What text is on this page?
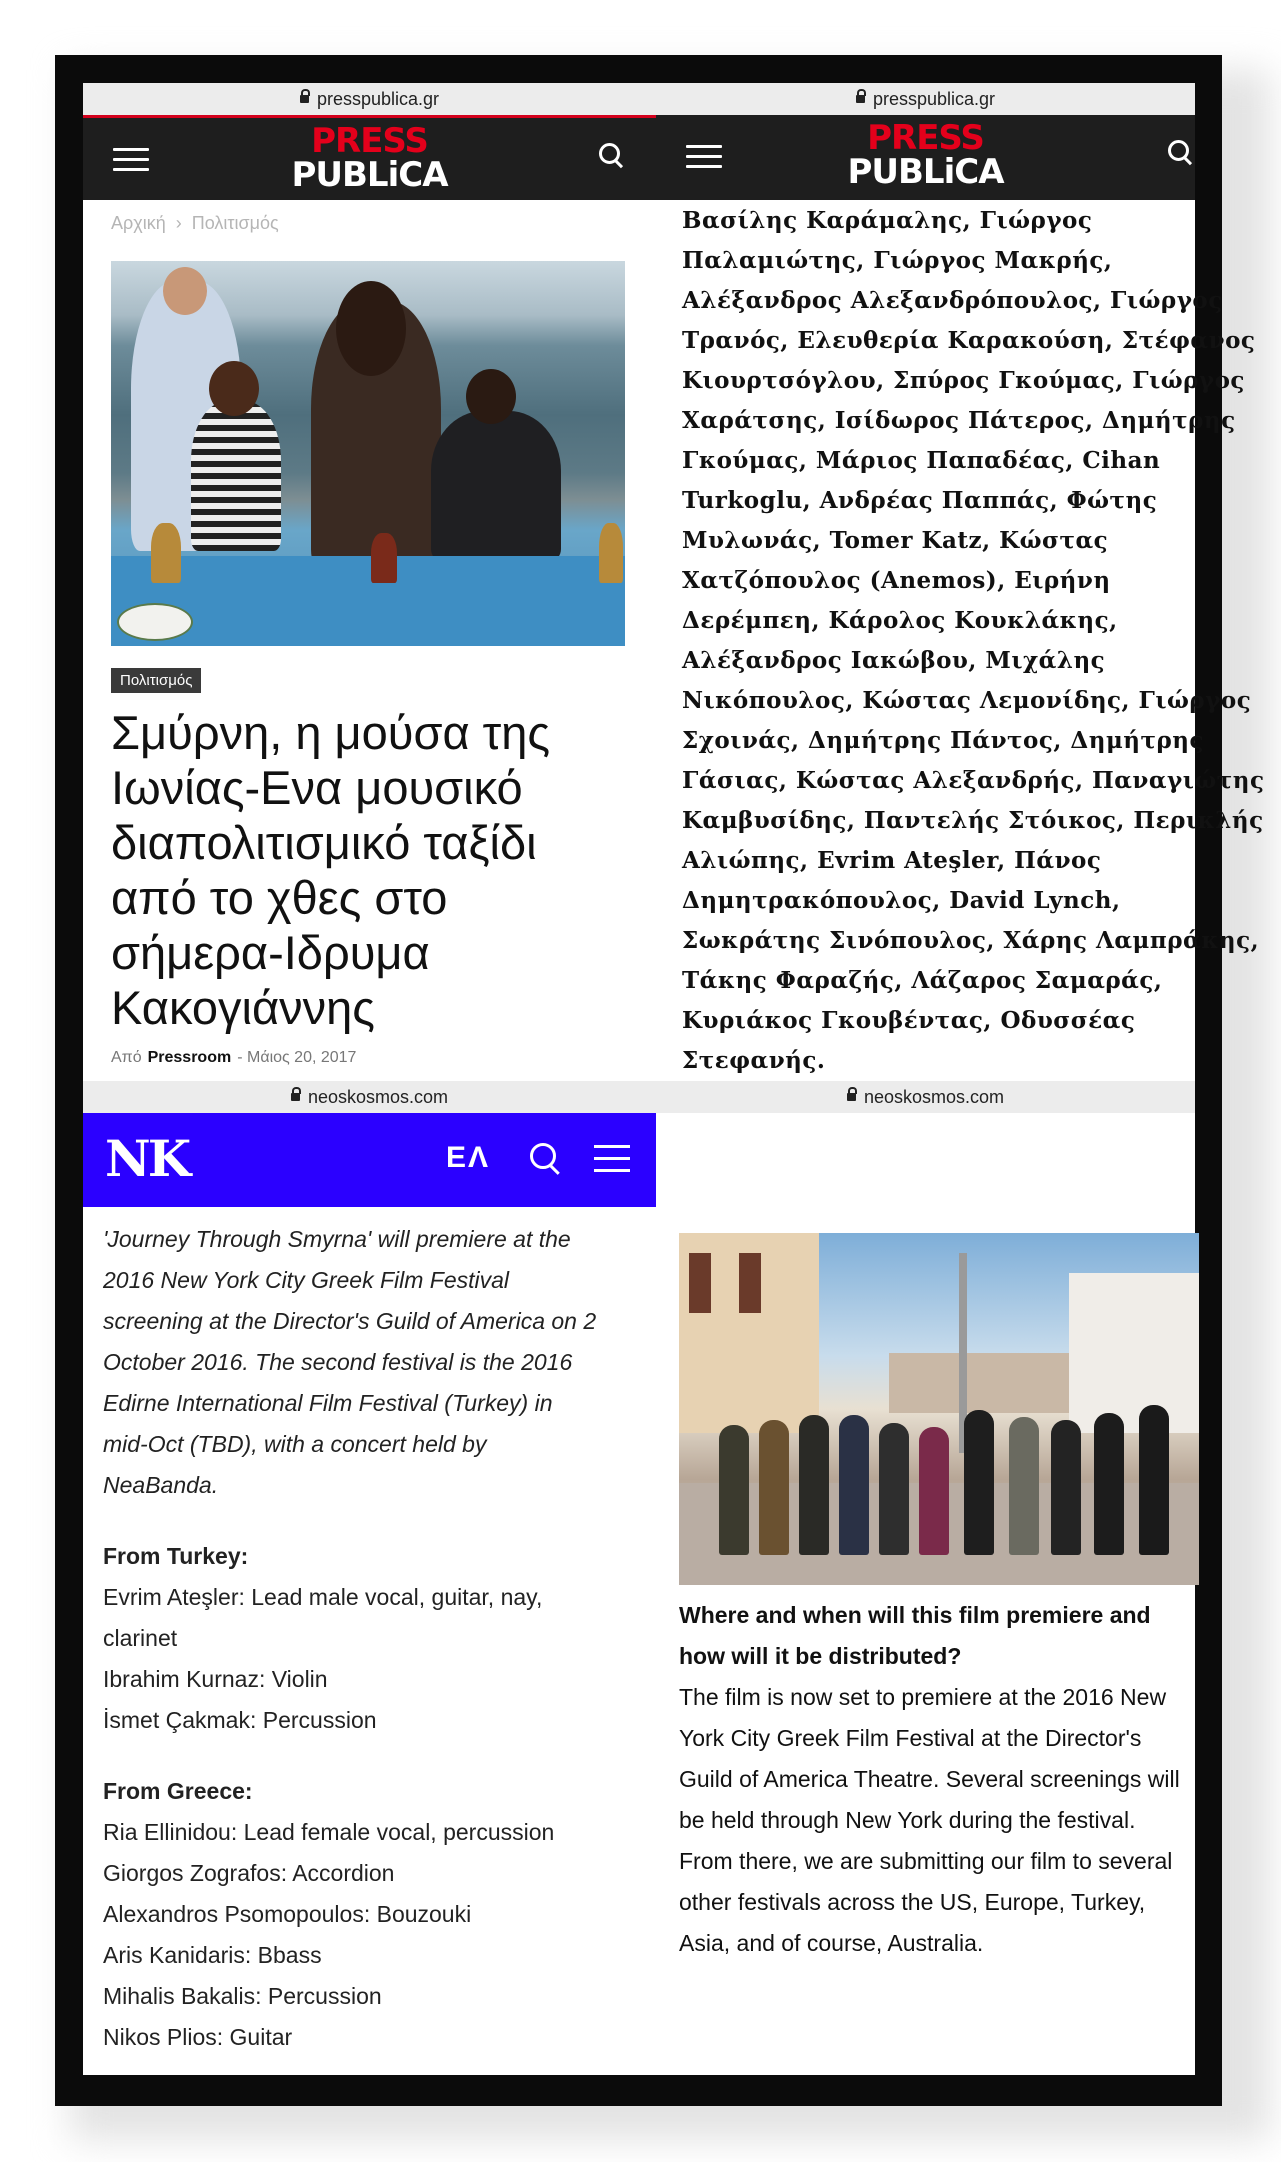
presspublica.gr
PRESS
PUBLiCA
Αρχική › Πολιτισμός
Πολιτισμός
Σμύρνη, η μούσα της Ιωνίας-Ενα μουσικό διαπολιτισμικό ταξίδι από το χθες στο σήμερα-Ιδρυμα Κακογιάννης
Από Pressroom - Μάιος 20, 2017
presspublica.gr
PRESS
PUBLiCA
Βασίλης Καράμαλης, Γιώργος
Παλαμιώτης, Γιώργος Μακρής,
Αλέξανδρος Αλεξανδρόπουλος, Γιώργος
Τρανός, Ελευθερία Καρακούση, Στέφανος
Κιουρτσόγλου, Σπύρος Γκούμας, Γιώργος
Χαράτσης, Ισίδωρος Πάτερος, Δημήτρης
Γκούμας, Μάριος Παπαδέας, Cihan
Turkoglu, Ανδρέας Παππάς, Φώτης
Μυλωνάς, Tomer Katz, Κώστας
Χατζόπουλος (Anemos), Ειρήνη
Δερέμπεη, Κάρολος Κουκλάκης,
Αλέξανδρος Ιακώβου, Μιχάλης
Νικόπουλος, Κώστας Λεμονίδης, Γιώργος
Σχοινάς, Δημήτρης Πάντος, Δημήτρης
Γάσιας, Κώστας Αλεξανδρής, Παναγιώτης
Καμβυσίδης, Παντελής Στόικος, Περικλής
Αλιώπης, Evrim Ateşler, Πάνος
Δημητρακόπουλος, David Lynch,
Σωκράτης Σινόπουλος, Χάρης Λαμπράκης,
Τάκης Φαραζής, Λάζαρος Σαμαράς,
Κυριάκος Γκουβέντας, Οδυσσέας
Στεφανής.
neoskosmos.com
NK	ΕΛ
'Journey Through Smyrna' will premiere at the
2016 New York City Greek Film Festival
screening at the Director's Guild of America on 2
October 2016. The second festival is the 2016
Edirne International Film Festival (Turkey) in
mid-Oct (TBD), with a concert held by
NeaBanda.
From Turkey:
Evrim Ateşler: Lead male vocal, guitar, nay,
clarinet
Ibrahim Kurnaz: Violin
İsmet Çakmak: Percussion
From Greece:
Ria Ellinidou: Lead female vocal, percussion
Giorgos Zografos: Accordion
Alexandros Psomopoulos: Bouzouki
Aris Kanidaris: Bbass
Mihalis Bakalis: Percussion
Nikos Plios: Guitar
neoskosmos.com
Where and when will this film premiere and
how will it be distributed?
The film is now set to premiere at the 2016 New
York City Greek Film Festival at the Director's
Guild of America Theatre. Several screenings will
be held through New York during the festival.
From there, we are submitting our film to several
other festivals across the US, Europe, Turkey,
Asia, and of course, Australia.
